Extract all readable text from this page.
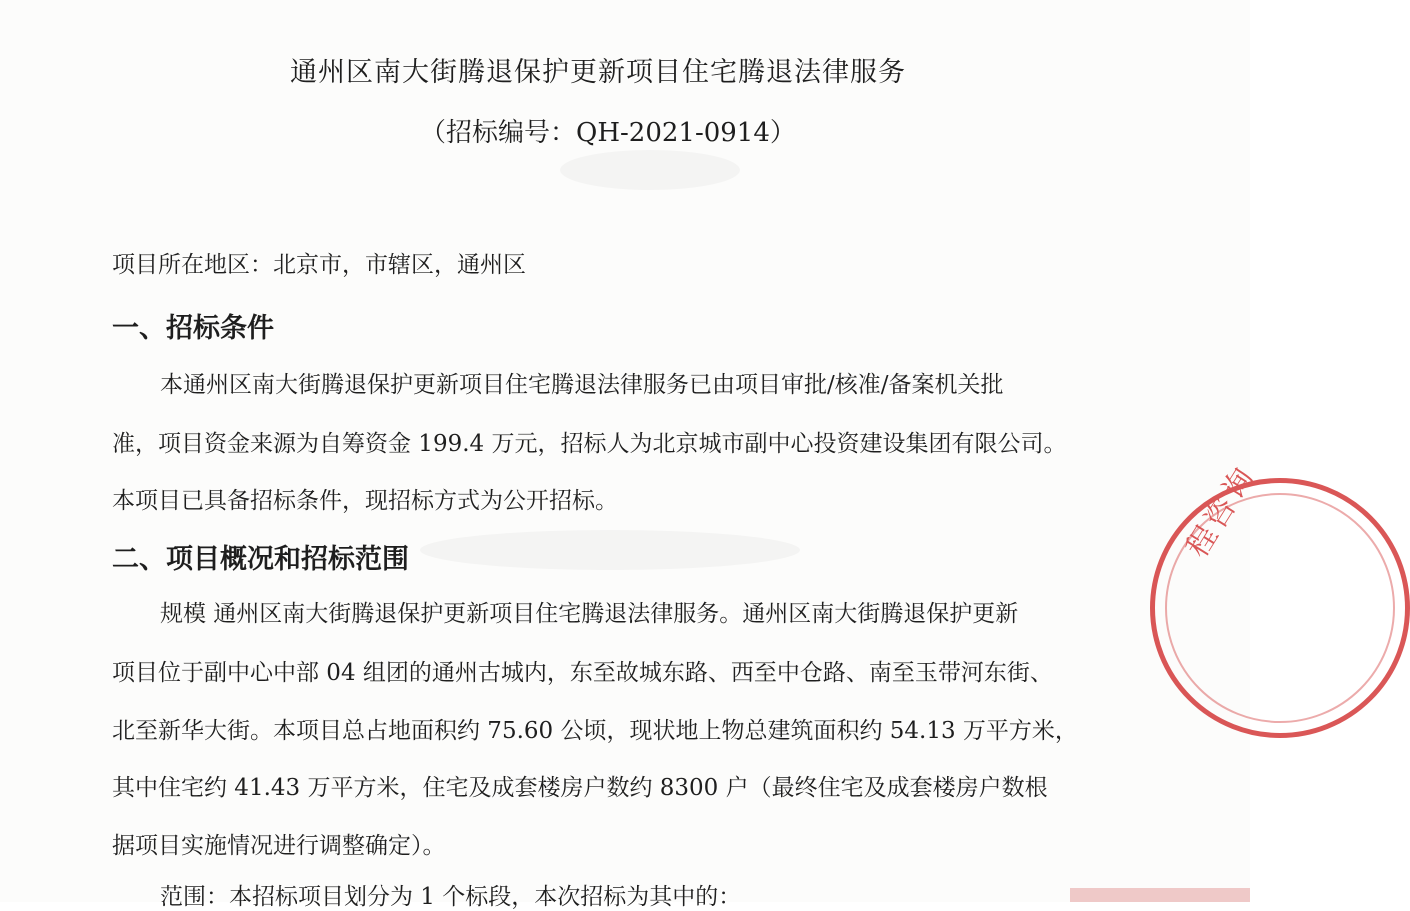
通州区南大街腾退保护更新项目住宅腾退法律服务
（招标编号：QH-2021-0914）
项目所在地区：北京市，市辖区，通州区
一、招标条件
本通州区南大街腾退保护更新项目住宅腾退法律服务已由项目审批/核准/备案机关批
准，项目资金来源为自筹资金 199.4 万元，招标人为北京城市副中心投资建设集团有限公司。
本项目已具备招标条件，现招标方式为公开招标。
二、项目概况和招标范围
规模 通州区南大街腾退保护更新项目住宅腾退法律服务。通州区南大街腾退保护更新
项目位于副中心中部 04 组团的通州古城内，东至故城东路、西至中仓路、南至玉带河东街、
北至新华大街。本项目总占地面积约 75.60 公顷，现状地上物总建筑面积约 54.13 万平方米，
其中住宅约 41.43 万平方米，住宅及成套楼房户数约 8300 户（最终住宅及成套楼房户数根
据项目实施情况进行调整确定）。
范围：本招标项目划分为 1 个标段，本次招标为其中的：
程咨询
